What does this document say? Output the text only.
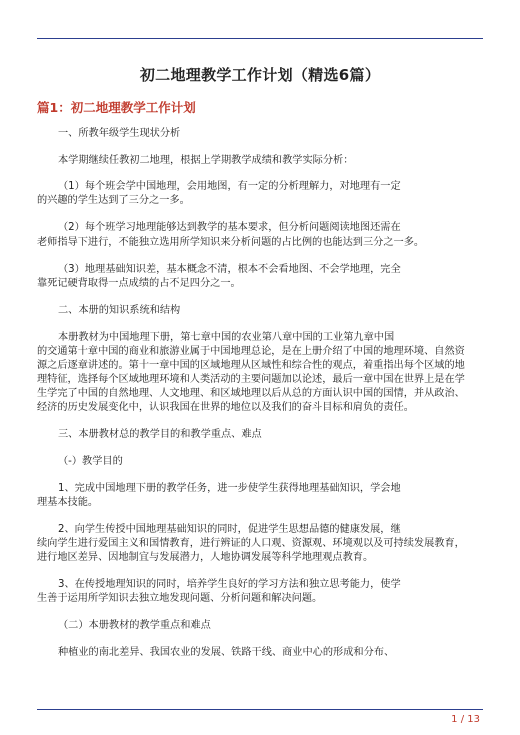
初二地理教学工作计划（精选6篇）
篇1：初二地理教学工作计划
一、所教年级学生现状分析
本学期继续任教初二地理，根据上学期教学成绩和教学实际分析：
（1）每个班会学中国地理，会用地图，有一定的分析理解力，对地理有一定
的兴趣的学生达到了三分之一多。
（2）每个班学习地理能够达到教学的基本要求，但分析问题阅读地图还需在
老师指导下进行，不能独立选用所学知识来分析问题的占比例的也能达到三分之一多。
（3）地理基础知识差，基本概念不清，根本不会看地图、不会学地理，完全
靠死记硬背取得一点成绩的占不足四分之一。
二、本册的知识系统和结构
本册教材为中国地理下册，第七章中国的农业第八章中国的工业第九章中国
的交通第十章中国的商业和旅游业属于中国地理总论，是在上册介绍了中国的地理环境、自然资
源之后逐章讲述的。第十一章中国的区域地理从区域性和综合性的观点，着重指出每个区域的地
理特征，选择每个区域地理环境和人类活动的主要问题加以论述，最后一章中国在世界上是在学
生学完了中国的自然地理、人文地理、和区域地理以后从总的方面认识中国的国情，并从政治、
经济的历史发展变化中，认识我国在世界的地位以及我们的奋斗目标和肩负的责任。
三、本册教材总的教学目的和教学重点、难点
（-）教学目的
1、完成中国地理下册的教学任务，进一步使学生获得地理基础知识，学会地
理基本技能。
2、向学生传授中国地理基础知识的同时，促进学生思想品德的健康发展，继
续向学生进行爱国主义和国情教育，进行辨证的人口观、资源观、环境观以及可持续发展教育，
进行地区差异、因地制宜与发展潜力，人地协调发展等科学地理观点教育。
3、在传授地理知识的同时，培养学生良好的学习方法和独立思考能力，使学
生善于运用所学知识去独立地发现问题、分析问题和解决问题。
（二）本册教材的教学重点和难点
种植业的南北差异、我国农业的发展、铁路干线、商业中心的形成和分布、
1 / 13
